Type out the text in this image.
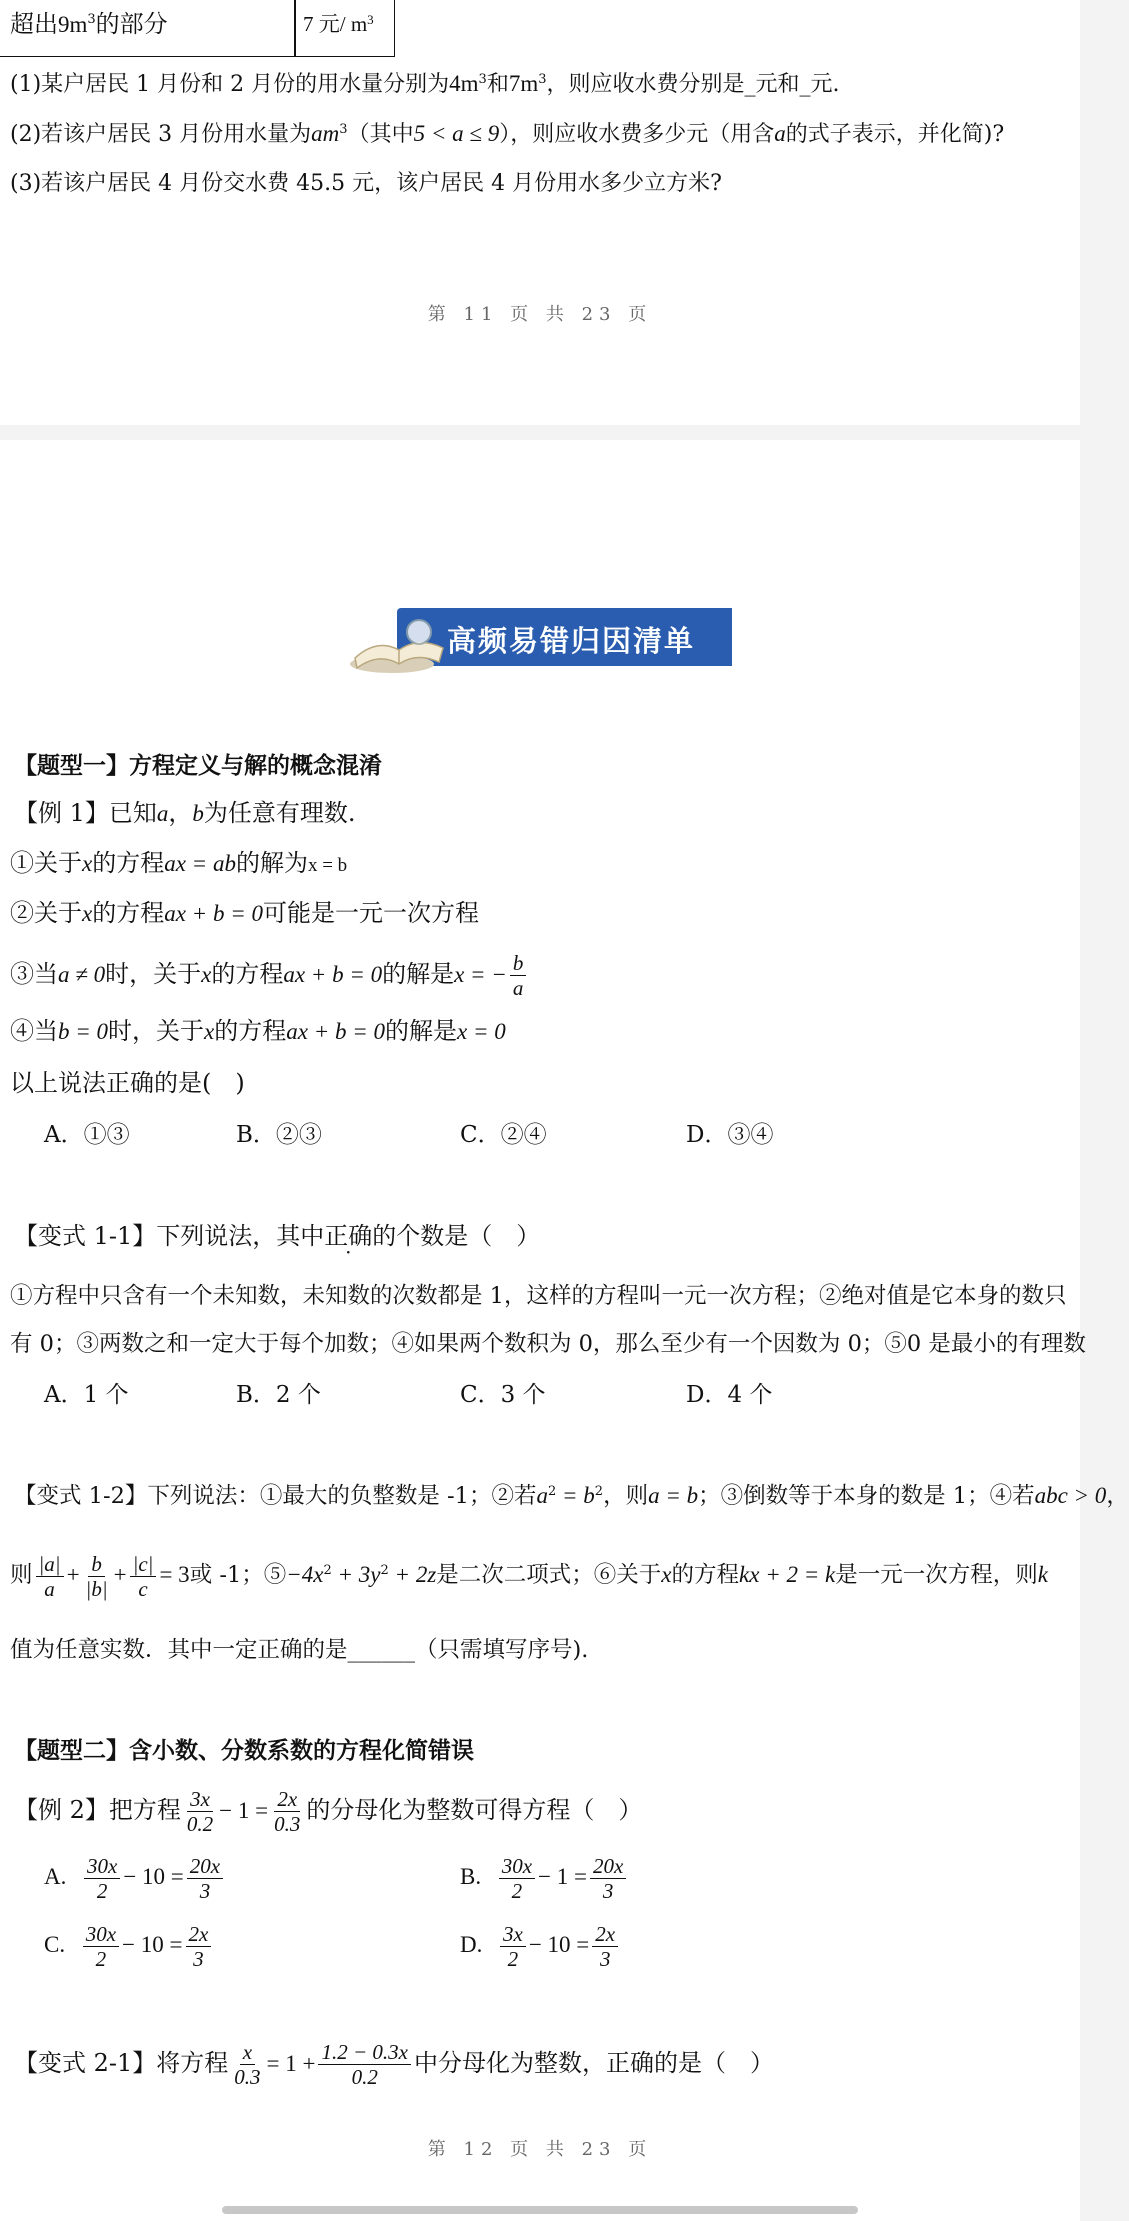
超出$9m^3$的部分	7 元/ $m^3$
(1)某户居民 1 月份和 2 月份的用水量分别为$4m^3$和$7m^3$，则应收水费分别是_元和_元.
(2)若该户居民 3 月份用水量为$am^3$（其中5 < a ≤ 9），则应收水费多少元（用含a的式子表示，并化简)?
(3)若该户居民 4 月份交水费 45.5 元，该户居民 4 月份用水多少立方米?
第 11 页 共 23 页
高频易错归因清单
【题型一】方程定义与解的概念混淆
【例 1】已知a，b为任意有理数.
①关于x的方程ax = ab的解为x = b
②关于x的方程ax + b = 0可能是一元一次方程
③当a ≠ 0时，关于x的方程ax + b = 0的解是x = − $\frac{b}{a}$
④当b = 0时，关于x的方程ax + b = 0的解是x = 0
以上说法正确的是(　)
A．①③	B．②③	C．②④	D．③④
【变式 1-1】下列说法，其中正确的个数是（　）
①方程中只含有一个未知数，未知数的次数都是 1，这样的方程叫一元一次方程；②绝对值是它本身的数只
有 0；③两数之和一定大于每个加数；④如果两个数积为 0，那么至少有一个因数为 0；⑤0 是最小的有理数
A．1 个	B．2 个	C．3 个	D．4 个
【变式 1-2】下列说法：①最大的负整数是 -1；②若$a^2 = b^2$，则a = b；③倒数等于本身的数是 1；④若abc > 0，
则 $\frac{|a|}{a} + \frac{b}{|b|} + \frac{|c|}{c} = 3$或 -1；$⑤-4x^2 + 3y^2 + 2z$是二次二项式；⑥关于x的方程kx + 2 = k是一元一次方程，则k
值为任意实数．其中一定正确的是______（只需填写序号).
【题型二】含小数、分数系数的方程化简错误
【例 2】把方程 $\frac{3x}{0.2} - 1 = \frac{2x}{0.3}$ 的分母化为整数可得方程（　）
A. $\frac{30x}{2} - 10 = \frac{20x}{3}$	B. $\frac{30x}{2} - 1 = \frac{20x}{3}$
C. $\frac{30x}{2} - 10 = \frac{2x}{3}$	D. $\frac{3x}{2} - 10 = \frac{2x}{3}$
【变式 2-1】将方程 $\frac{x}{0.3} = 1 + \frac{1.2 - 0.3x}{0.2}$ 中分母化为整数，正确的是（　）
第 12 页 共 23 页
